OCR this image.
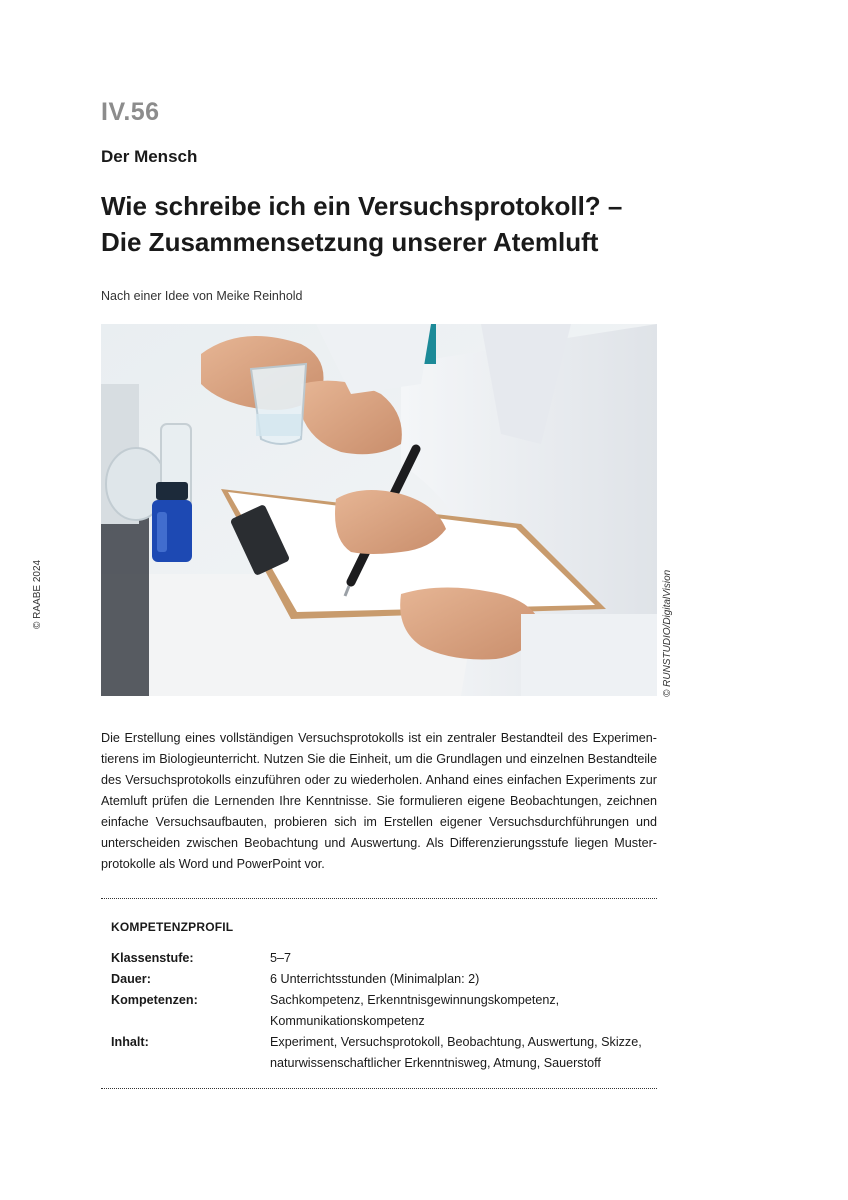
IV.56
Der Mensch
Wie schreibe ich ein Versuchsprotokoll? –
Die Zusammensetzung unserer Atemluft
Nach einer Idee von Meike Reinhold
© RAABE 2024	© RUNSTUDIO/DigitalVision
Die Erstellung eines vollständigen Versuchsprotokolls ist ein zentraler Bestandteil des Experimen-
tierens im Biologieunterricht. Nutzen Sie die Einheit, um die Grundlagen und einzelnen Bestandteile
des Versuchsprotokolls einzuführen oder zu wiederholen. Anhand eines einfachen Experiments zur
Atemluft prüfen die Lernenden Ihre Kenntnisse. Sie formulieren eigene Beobachtungen, zeichnen
einfache Versuchsaufbauten, probieren sich im Erstellen eigener Versuchsdurchführungen und
unterscheiden zwischen Beobachtung und Auswertung. Als Differenzierungsstufe liegen Muster-
protokolle als Word und PowerPoint vor.
KOMPETENZPROFIL
Klassenstufe:	5–7
Dauer:	6 Unterrichtsstunden (Minimalplan: 2)
Kompetenzen:	Sachkompetenz, Erkenntnisgewinnungskompetenz,
Kommunikationskompetenz
Inhalt:	Experiment, Versuchsprotokoll, Beobachtung, Auswertung, Skizze,
naturwissenschaftlicher Erkenntnisweg, Atmung, Sauerstoff
